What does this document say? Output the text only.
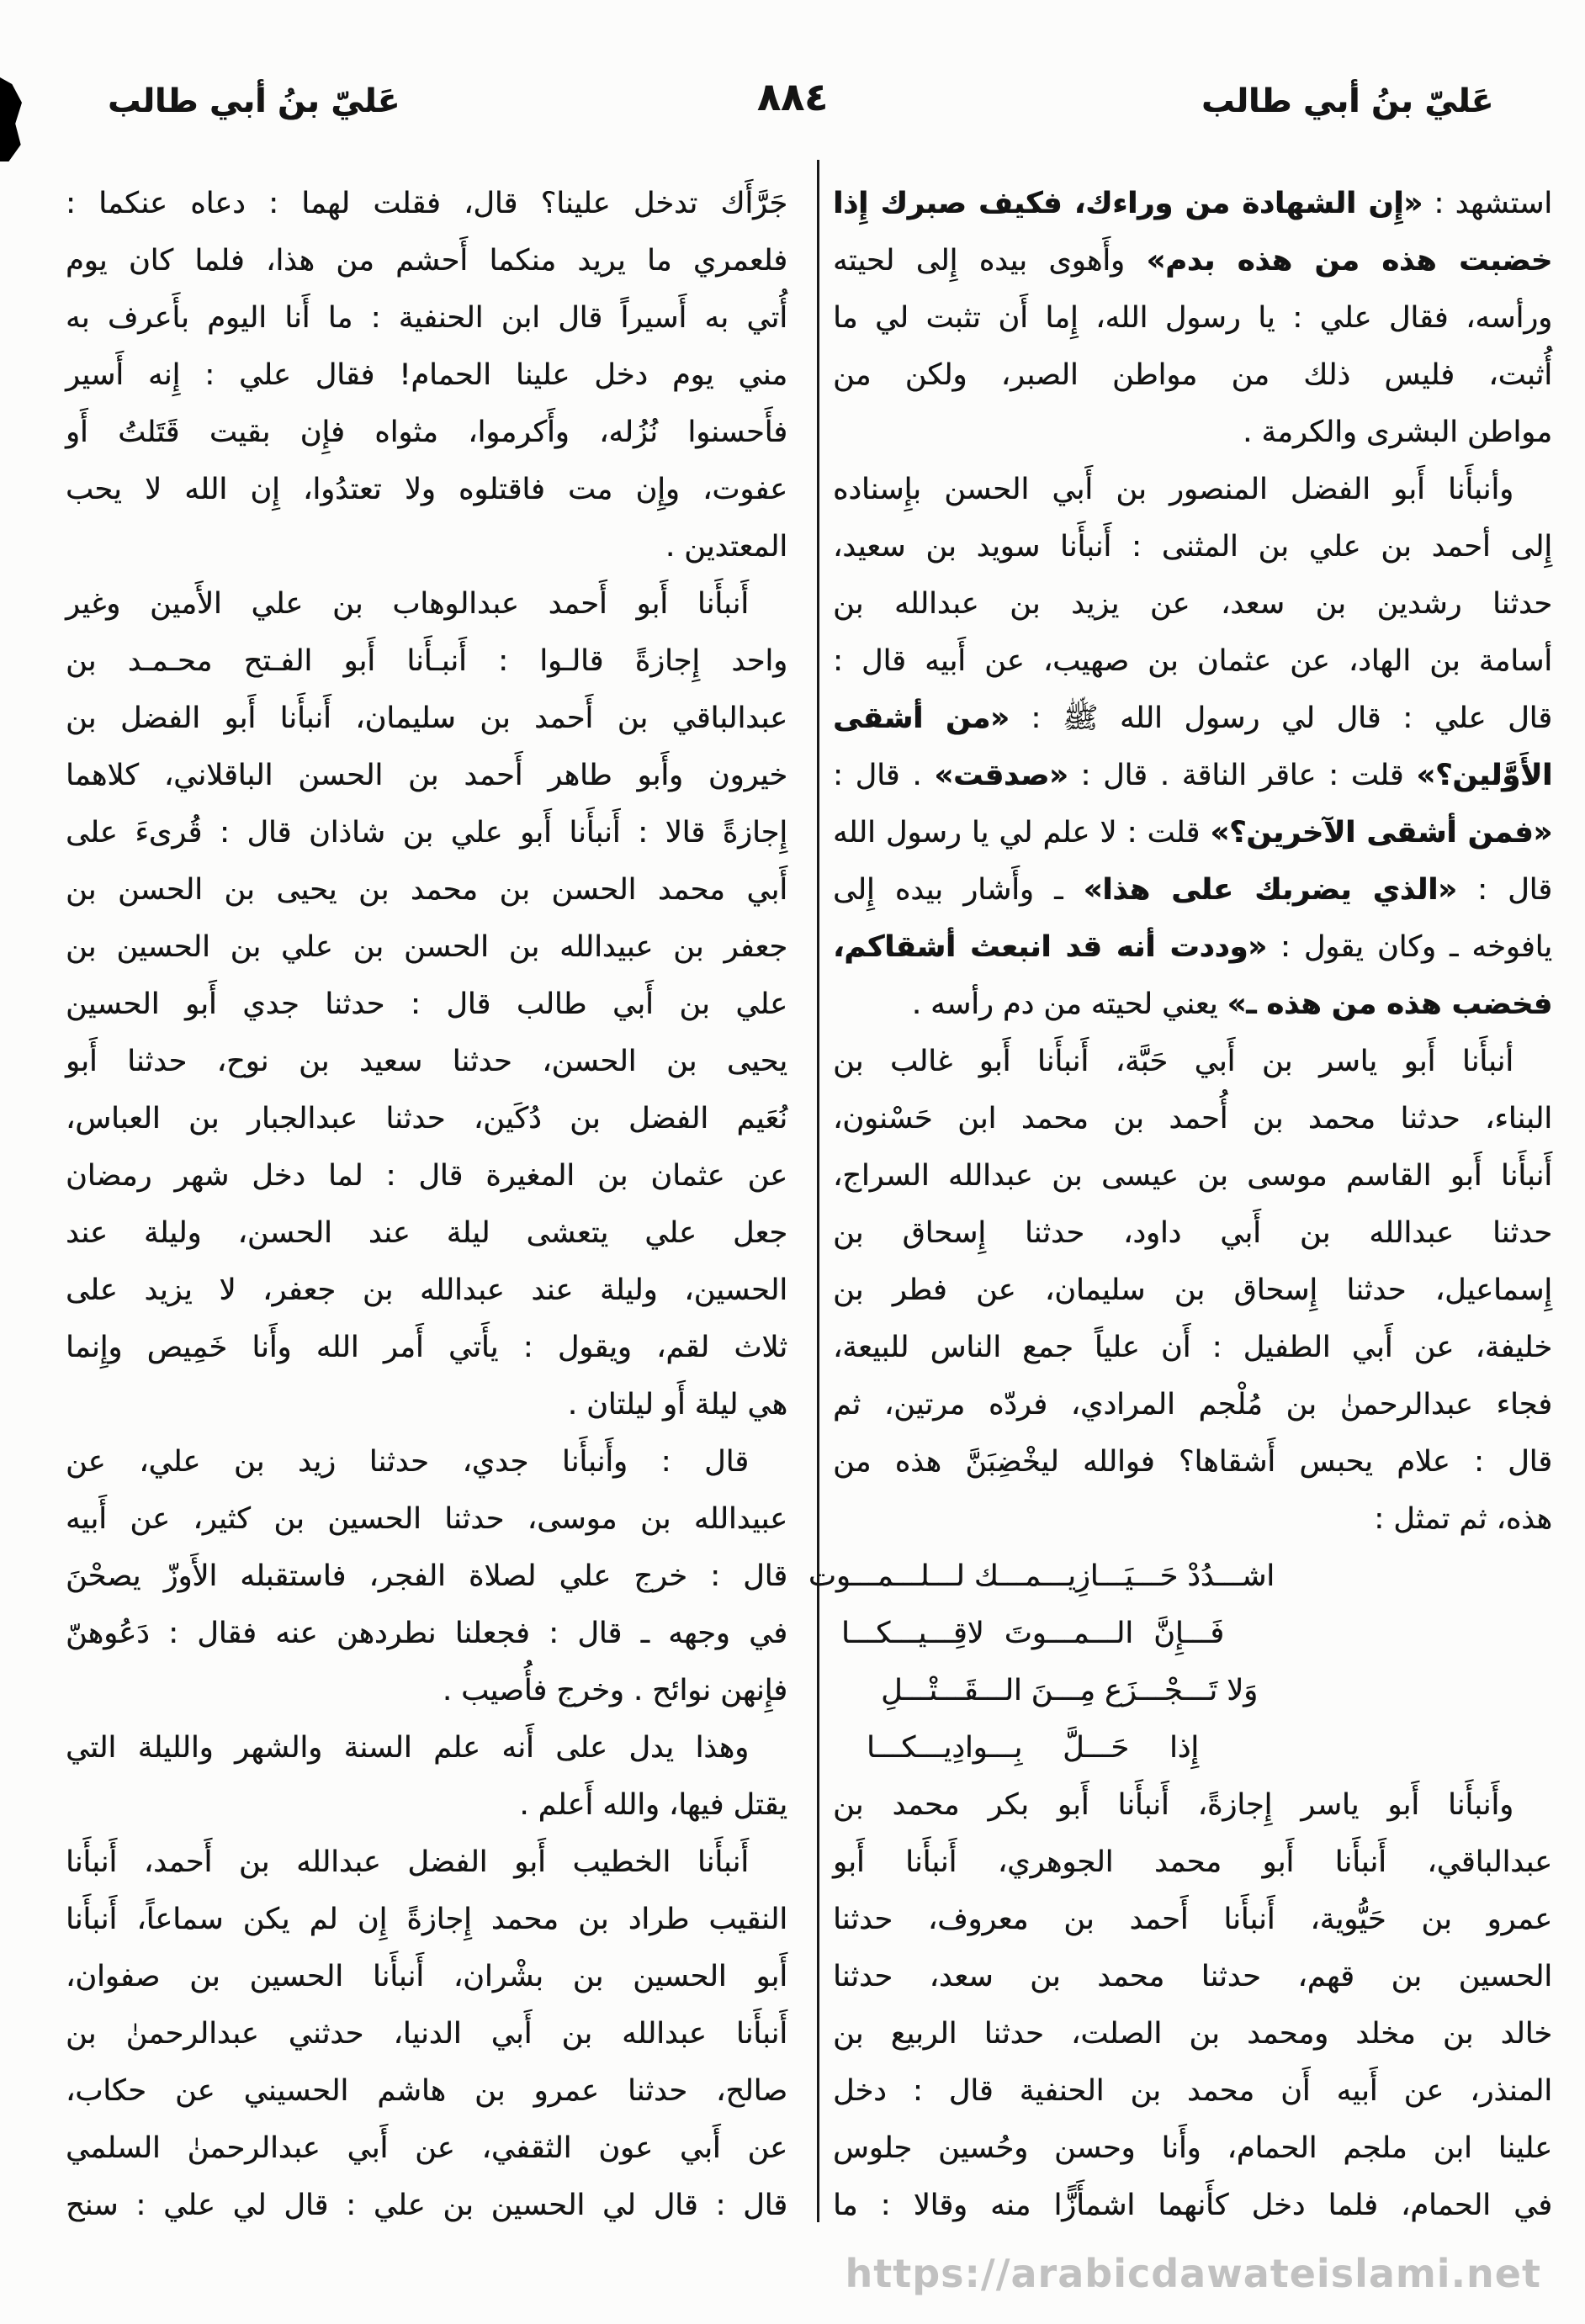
عَليّ بنُ أبي طالب	٨٨٤	عَليّ بنُ أبي طالب
استشهد : «إِن الشهادة من وراءك، فكيف صبرك إِذا
خضبت هذه من هذه بدم» وأَهوى بيده إِلى لحيته
ورأسه، فقال علي : يا رسول الله، إِما أَن تثبت لي ما
أُثبت، فليس ذلك من مواطن الصبر، ولكن من
مواطن البشرى والكرمة .
وأنبأَنا أَبو الفضل المنصور بن أَبي الحسن بإِسناده
إِلى أحمد بن علي بن المثنى : أَنبأَنا سويد بن سعيد،
حدثنا رشدين بن سعد، عن يزيد بن عبدالله بن
أسامة بن الهاد، عن عثمان بن صهيب، عن أَبيه قال :
قال علي : قال لي رسول الله ﷺ : «من أشقى
الأَوَّلين؟» قلت : عاقر الناقة . قال : «صدقت» . قال :
«فمن أشقى الآخرين؟» قلت : لا علم لي يا رسول الله
قال : «الذي يضربك على هذا» ـ وأَشار بيده إِلى
يافوخه ـ وكان يقول : «وددت أنه قد انبعث أشقاكم،
فخضب هذه من هذه ـ» يعني لحيته من دم رأسه .
أنبأَنا أَبو ياسر بن أَبي حَبَّة، أَنبأَنا أَبو غالب بن
البناء، حدثنا محمد بن أُحمد بن محمد ابن حَسْنون،
أَنبأَنا أَبو القاسم موسى بن عيسى بن عبدالله السراج،
حدثنا عبدالله بن أَبي داود، حدثنا إِسحاق بن
إِسماعيل، حدثنا إِسحاق بن سليمان، عن فطر بن
خليفة، عن أَبي الطفيل : أَن علياً جمع الناس للبيعة،
فجاء عبدالرحمنٰ بن مُلْجم المرادي، فردّه مرتين، ثم
قال : علام يحبس أَشقاها؟ فوالله ليخْضِبَنَّ هذه من
هذه، ثم تمثل :
اشـــدُدْ حَـــيَـــازِيـــمـــك لـــلـــمـــوت
فَـــإِنَّ الـــمـــوتَ لاقِـــيـــكـــا
وَلا تَـــجْـــزَع مِـــنَ الـــقَـــتْـــلِ
إِذا حَـــلَّ بِـــوادِيـــكـــا
وأَنبأَنا أَبو ياسر إِجازةً، أَنبأَنا أَبو بكر محمد بن
عبدالباقي، أَنبأَنا أَبو محمد الجوهري، أَنبأَنا أَبو
عمرو بن حَيُّوية، أَنبأَنا أَحمد بن معروف، حدثنا
الحسين بن قهم، حدثنا محمد بن سعد، حدثنا
خالد بن مخلد ومحمد بن الصلت، حدثنا الربيع بن
المنذر، عن أَبيه أَن محمد بن الحنفية قال : دخل
علينا ابن ملجم الحمام، وأَنا وحسن وحُسين جلوس
في الحمام، فلما دخل كأَنهما اشمأَزًّا منه وقالا : ما
جَرَّأَك تدخل علينا؟ قال، فقلت لهما : دعاه عنكما :
فلعمري ما يريد منكما أَحشم من هذا، فلما كان يوم
أُتي به أَسيراً قال ابن الحنفية : ما أَنا اليوم بأَعرف به
مني يوم دخل علينا الحمام! فقال علي : إِنه أَسير
فأَحسنوا نُزُله، وأَكرموا، مثواه فإِن بقيت قَتَلتُ أَو
عفوت، وإِن مت فاقتلوه ولا تعتدُوا، إِن الله لا يحب
المعتدين .
أَنبأَنا أَبو أَحمد عبدالوهاب بن علي الأَمين وغير
واحد إِجازةً قالـوا : أَنبـأَنا أَبو الفـتح محـمـد بن
عبدالباقي بن أَحمد بن سليمان، أَنبأَنا أَبو الفضل بن
خيرون وأَبو طاهر أَحمد بن الحسن الباقلاني، كلاهما
إِجازةً قالا : أَنبأَنا أَبو علي بن شاذان قال : قُرىءَ على
أَبي محمد الحسن بن محمد بن يحيى بن الحسن بن
جعفر بن عبيدالله بن الحسن بن علي بن الحسين بن
علي بن أَبي طالب قال : حدثنا جدي أَبو الحسين
يحيى بن الحسن، حدثنا سعيد بن نوح، حدثنا أَبو
نُعَيم الفضل بن دُكَين، حدثنا عبدالجبار بن العباس،
عن عثمان بن المغيرة قال : لما دخل شهر رمضان
جعل علي يتعشى ليلة عند الحسن، وليلة عند
الحسين، وليلة عند عبدالله بن جعفر، لا يزيد على
ثلاث لقم، ويقول : يأَتي أَمر الله وأَنا خَمِيص وإِنما
هي ليلة أَو ليلتان .
قال : وأَنبأَنا جدي، حدثنا زيد بن علي، عن
عبيدالله بن موسى، حدثنا الحسين بن كثير، عن أَبيه
قال : خرج علي لصلاة الفجر، فاستقبله الأَوزّ يصحْنَ
في وجهه ـ قال : فجعلنا نطردهن عنه فقال : دَعُوهنّ
فإِنهن نوائح . وخرج فأُصيب .
وهذا يدل على أَنه علم السنة والشهر والليلة التي
يقتل فيها، والله أَعلم .
أَنبأَنا الخطيب أَبو الفضل عبدالله بن أَحمد، أَنبأَنا
النقيب طراد بن محمد إِجازةً إِن لم يكن سماعاً، أَنبأَنا
أَبو الحسين بن بشْران، أَنبأَنا الحسين بن صفوان،
أَنبأَنا عبدالله بن أَبي الدنيا، حدثني عبدالرحمنٰ بن
صالح، حدثنا عمرو بن هاشم الحسيني عن حكاب،
عن أَبي عون الثقفي، عن أَبي عبدالرحمنٰ السلمي
قال : قال لي الحسين بن علي : قال لي علي : سنح
https://arabicdawateislami.net
